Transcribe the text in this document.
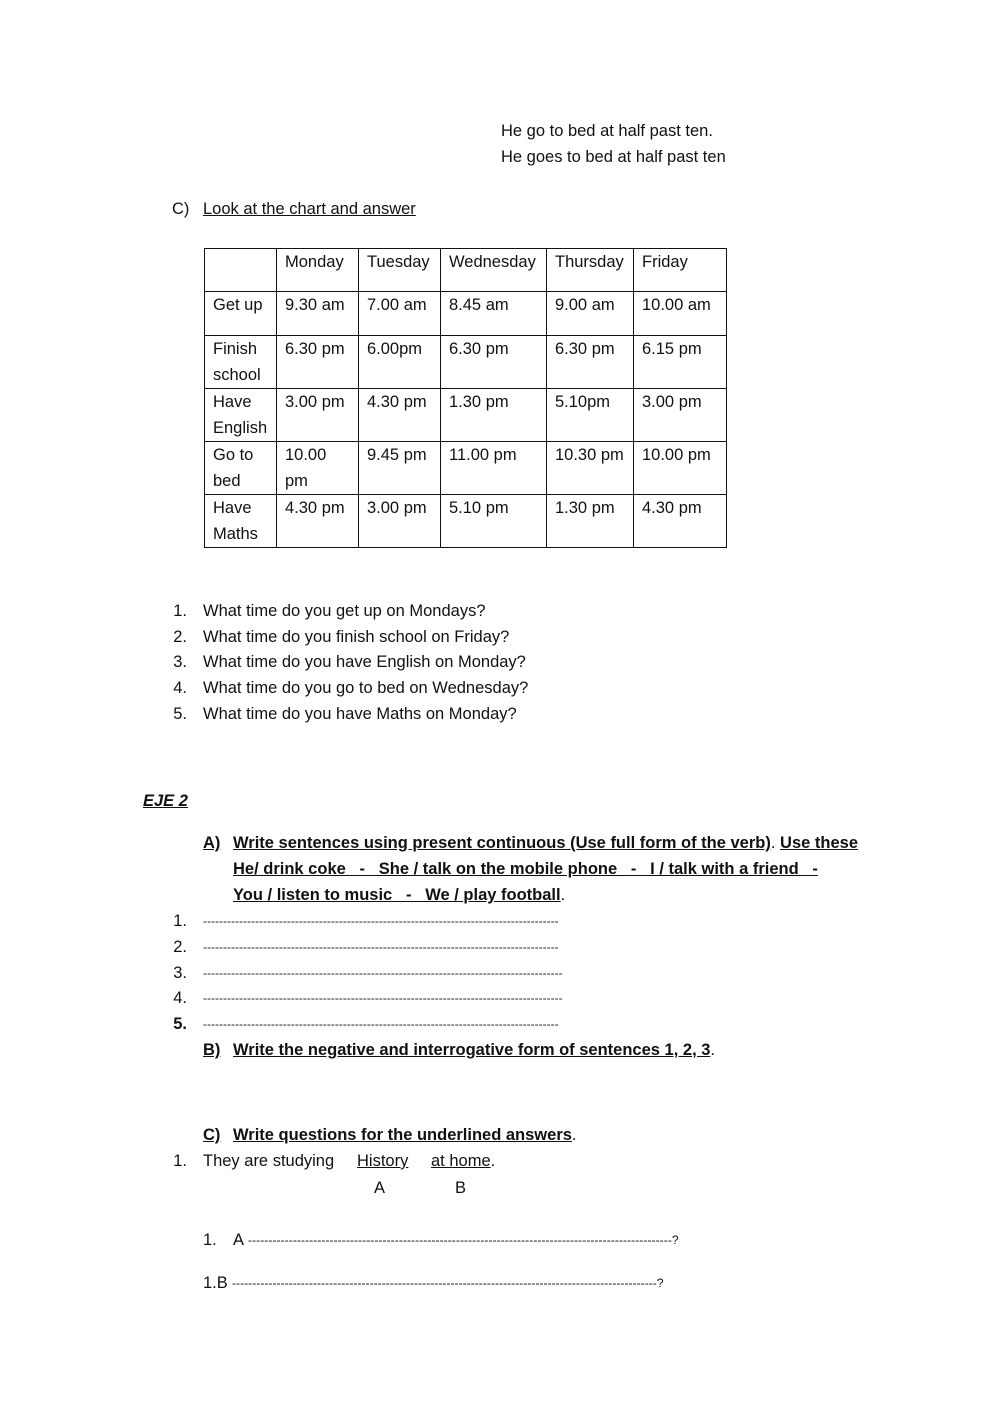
He go to bed at half past ten.
He goes to bed at half past ten
C) Look at the chart and answer
	Monday	Tuesday	Wednesday	Thursday	Friday
Get up	9.30 am	7.00 am	8.45 am	9.00 am	10.00 am
Finish school	6.30 pm	6.00pm	6.30 pm	6.30 pm	6.15 pm
Have English	3.00 pm	4.30 pm	1.30 pm	5.10pm	3.00 pm
Go to bed	10.00 pm	9.45 pm	11.00 pm	10.30 pm	10.00 pm
Have Maths	4.30 pm	3.00 pm	5.10 pm	1.30 pm	4.30 pm
1. What time do you get up on Mondays?
2. What time do you finish school on Friday?
3. What time do you have English on Monday?
4. What time do you go to bed on Wednesday?
5. What time do you have Maths on Monday?
EJE 2
A) Write sentences using present continuous (Use full form of the verb). Use these
He/ drink coke   -   She / talk on the mobile phone   -   I / talk with a friend   -
You / listen to music   -   We / play football.
1. -----------------------------------------------------------------------------------------
2. -----------------------------------------------------------------------------------------
3. ------------------------------------------------------------------------------------------
4. ------------------------------------------------------------------------------------------
5. -----------------------------------------------------------------------------------------
B) Write the negative and interrogative form of sentences 1, 2, 3.
C) Write questions for the underlined answers.
1. They are studying History at home.
A	B
1. A --------------------------------------------------------------------------------------------------------?
1.B ---------------------------------------------------------------------------------------------------------?
